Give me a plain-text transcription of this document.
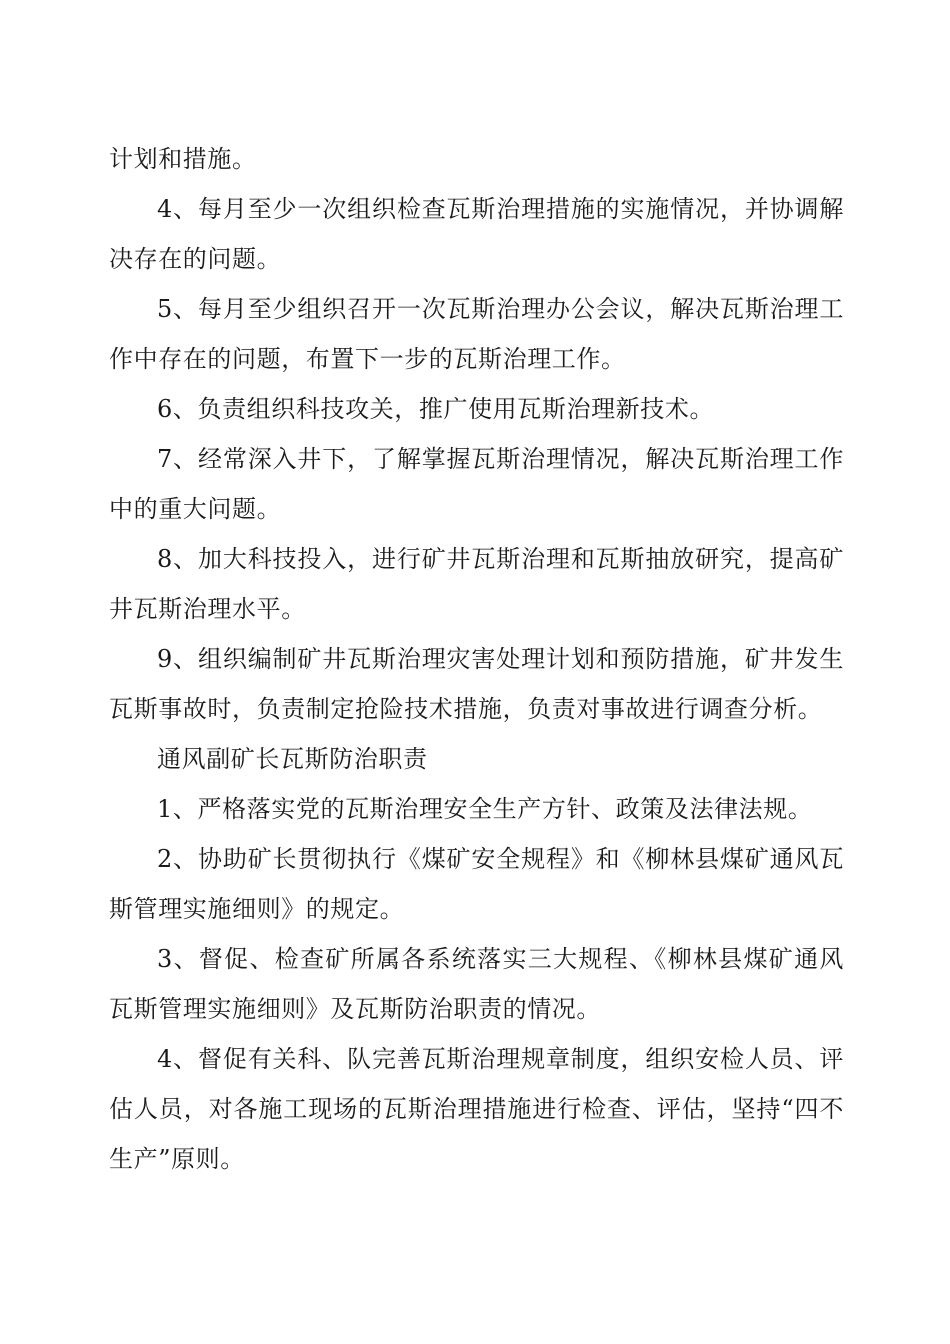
计划和措施。

4、每月至少一次组织检查瓦斯治理措施的实施情况，并协调解决存在的问题。

5、每月至少组织召开一次瓦斯治理办公会议，解决瓦斯治理工作中存在的问题，布置下一步的瓦斯治理工作。

6、负责组织科技攻关，推广使用瓦斯治理新技术。

7、经常深入井下，了解掌握瓦斯治理情况，解决瓦斯治理工作中的重大问题。

8、加大科技投入，进行矿井瓦斯治理和瓦斯抽放研究，提高矿井瓦斯治理水平。

9、组织编制矿井瓦斯治理灾害处理计划和预防措施，矿井发生瓦斯事故时，负责制定抢险技术措施，负责对事故进行调查分析。

通风副矿长瓦斯防治职责

1、严格落实党的瓦斯治理安全生产方针、政策及法律法规。

2、协助矿长贯彻执行《煤矿安全规程》和《柳林县煤矿通风瓦斯管理实施细则》的规定。

3、督促、检查矿所属各系统落实三大规程、《柳林县煤矿通风瓦斯管理实施细则》及瓦斯防治职责的情况。

4、督促有关科、队完善瓦斯治理规章制度，组织安检人员、评估人员，对各施工现场的瓦斯治理措施进行检查、评估，坚持“四不生产”原则。
